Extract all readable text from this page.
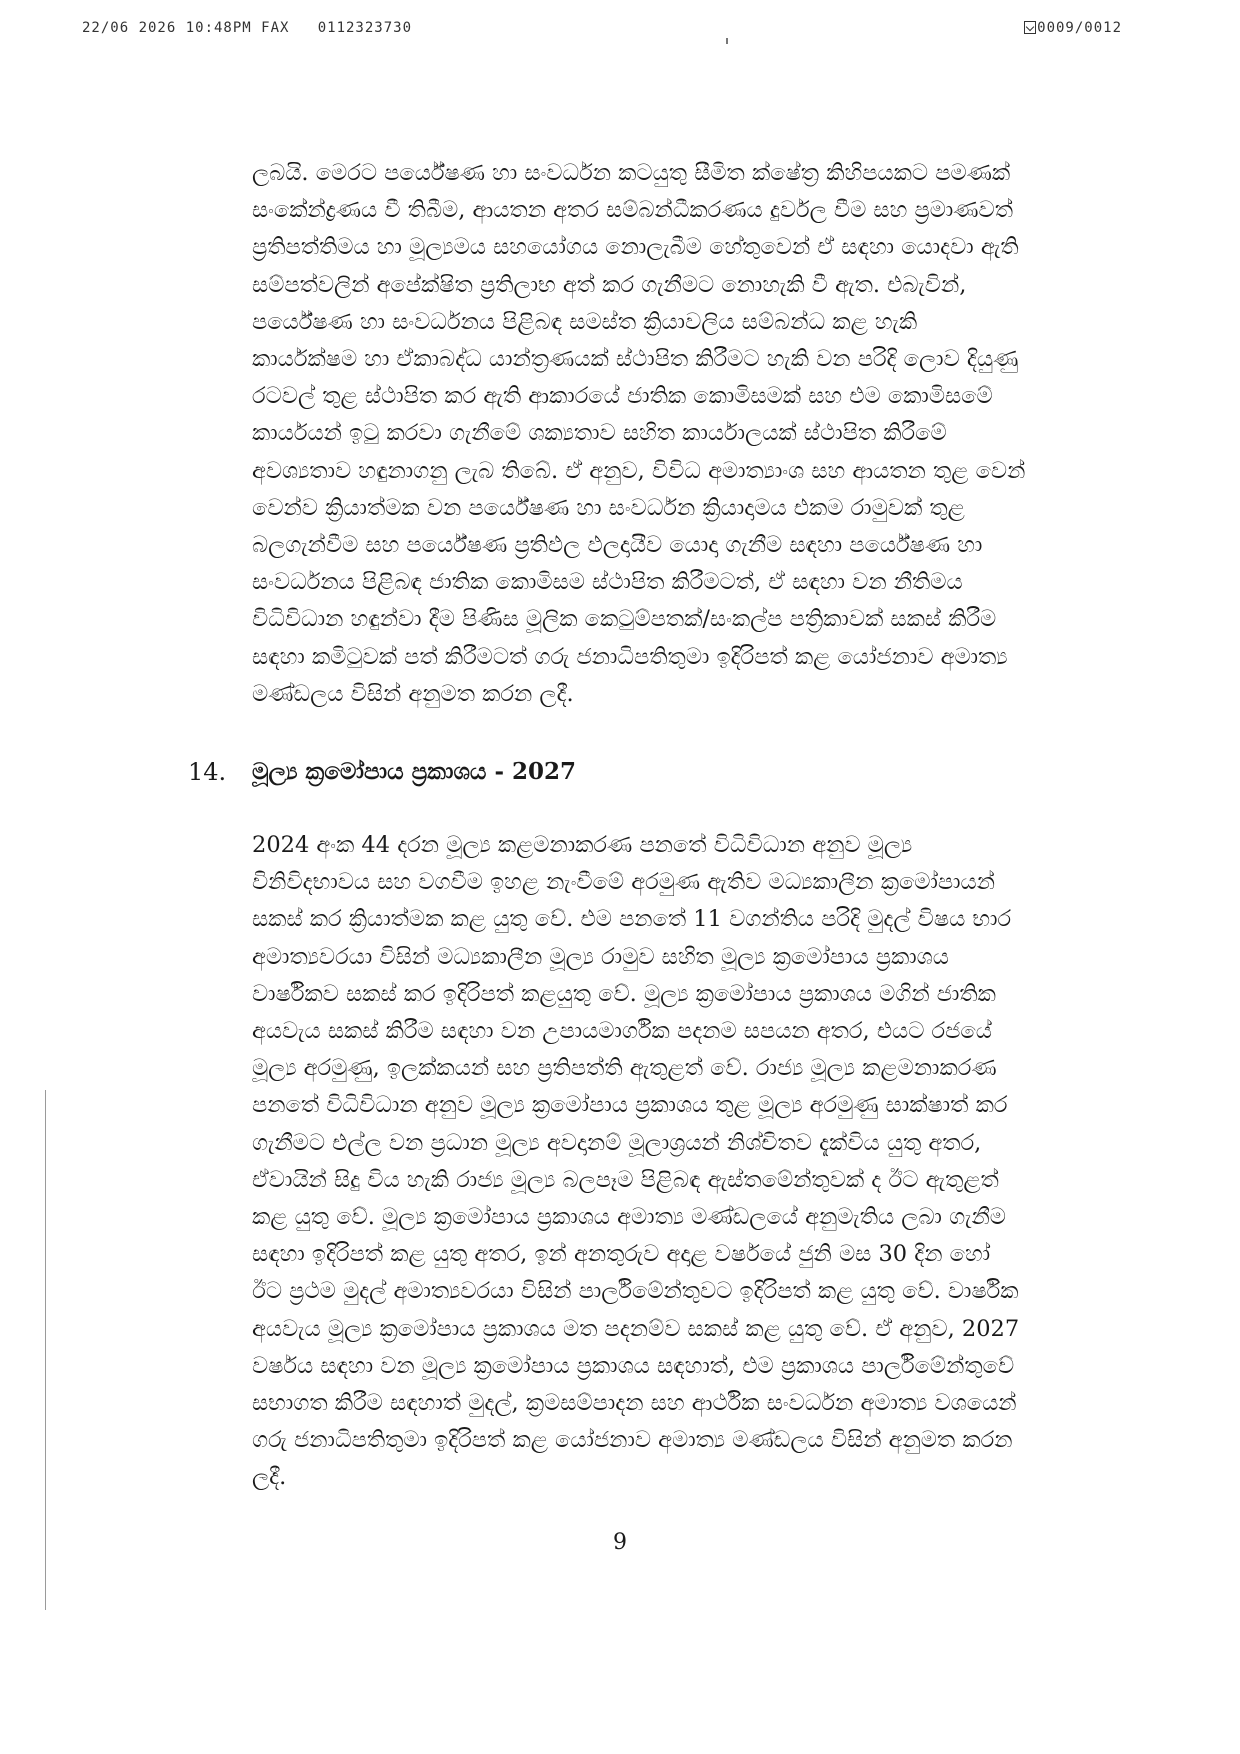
22/06 2026 10:48PM FAX   0112323730	0009/0012
ලබයි. මෙරට පර්යේෂණ හා සංවර්ධන කටයුතු සීමිත ක්ෂේත්‍ර කිහිපයකට පමණක්
සංකේන්ද්‍රණය වී තිබීම, ආයතන අතර සම්බන්ධීකරණය දුර්වල වීම සහ ප්‍රමාණවත්
ප්‍රතිපත්තිමය හා මූල්‍යමය සහයෝගය නොලැබීම හේතුවෙන් ඒ සඳහා යොදවා ඇති
සම්පත්වලින් අපේක්ෂිත ප්‍රතිලාභ අත් කර ගැනීමට නොහැකි වී ඇත. එබැවින්,
පර්යේෂණ හා සංවර්ධනය පිළිබඳ සමස්ත ක්‍රියාවලිය සම්බන්ධ කළ හැකි
කාර්යක්ෂම හා ඒකාබද්ධ යාන්ත්‍රණයක් ස්ථාපිත කිරීමට හැකි වන පරිදි ලොව දියුණු
රටවල් තුළ ස්ථාපිත කර ඇති ආකාරයේ ජාතික කොමිසමක් සහ එම කොමිසමේ
කාර්යයන් ඉටු කරවා ගැනීමේ ශක්‍යතාව සහිත කාර්යාලයක් ස්ථාපිත කිරීමේ
අවශ්‍යතාව හඳුනාගනු ලැබ තිබේ. ඒ අනුව, විවිධ අමාත්‍යාංශ සහ ආයතන තුළ වෙන්
වෙන්ව ක්‍රියාත්මක වන පර්යේෂණ හා සංවර්ධන ක්‍රියාදාමය එකම රාමුවක් තුළ
බලගැන්වීම සහ පර්යේෂණ ප්‍රතිඵල ඵලදායීව යොදා ගැනීම සඳහා පර්යේෂණ හා
සංවර්ධනය පිළිබඳ ජාතික කොමිසම ස්ථාපිත කිරීමටත්, ඒ සඳහා වන නීතිමය
විධිවිධාන හඳුන්වා දීම පිණිස මූලික කෙටුම්පතක්/සංකල්ප පත්‍රිකාවක් සකස් කිරීම
සඳහා කමිටුවක් පත් කිරීමටත් ගරු ජනාධිපතිතුමා ඉදිරිපත් කළ යෝජනාව අමාත්‍ය
මණ්ඩලය විසින් අනුමත කරන ලදී.
14. මූල්‍ය ක්‍රමෝපාය ප්‍රකාශය - 2027
2024 අංක 44 දරන මූල්‍ය කළමනාකරණ පනතේ විධිවිධාන අනුව මූල්‍ය
විනිවිදභාවය සහ වගවීම ඉහළ නැංවීමේ අරමුණ ඇතිව මධ්‍යකාලීන ක්‍රමෝපායන්
සකස් කර ක්‍රියාත්මක කළ යුතු වේ. එම පනතේ 11 වගන්තිය පරිදි මුදල් විෂය භාර
අමාත්‍යවරයා විසින් මධ්‍යකාලීන මූල්‍ය රාමුව සහිත මූල්‍ය ක්‍රමෝපාය ප්‍රකාශය
වාර්ෂිකව සකස් කර ඉදිරිපත් කළයුතු වේ. මූල්‍ය ක්‍රමෝපාය ප්‍රකාශය මගින් ජාතික
අයවැය සකස් කිරීම සඳහා වන උපායමාර්ගික පදනම සපයන අතර, එයට රජයේ
මූල්‍ය අරමුණු, ඉලක්කයන් සහ ප්‍රතිපත්ති ඇතුළත් වේ. රාජ්‍ය මූල්‍ය කළමනාකරණ
පනතේ විධිවිධාන අනුව මූල්‍ය ක්‍රමෝපාය ප්‍රකාශය තුළ මූල්‍ය අරමුණු සාක්ෂාත් කර
ගැනීමට එල්ල වන ප්‍රධාන මූල්‍ය අවදානම් මූලාශ්‍රයන් නිශ්චිතව දැක්විය යුතු අතර,
ඒවායින් සිදු විය හැකි රාජ්‍ය මූල්‍ය බලපෑම පිළිබඳ ඇස්තමේන්තුවක් ද ඊට ඇතුළත්
කළ යුතු වේ. මූල්‍ය ක්‍රමෝපාය ප්‍රකාශය අමාත්‍ය මණ්ඩලයේ අනුමැතිය ලබා ගැනීම
සඳහා ඉදිරිපත් කළ යුතු අතර, ඉන් අනතුරුව අදාළ වර්ෂයේ ජුනි මස 30 දින හෝ
ඊට ප්‍රථම මුදල් අමාත්‍යවරයා විසින් පාර්ලිමේන්තුවට ඉදිරිපත් කළ යුතු වේ. වාර්ෂික
අයවැය මූල්‍ය ක්‍රමෝපාය ප්‍රකාශය මත පදනම්ව සකස් කළ යුතු වේ. ඒ අනුව, 2027
වර්ෂය සඳහා වන මූල්‍ය ක්‍රමෝපාය ප්‍රකාශය සඳහාත්, එම ප්‍රකාශය පාර්ලිමේන්තුවේ
සභාගත කිරීම සඳහාත් මුදල්, ක්‍රමසම්පාදන සහ ආර්ථික සංවර්ධන අමාත්‍ය වශයෙන්
ගරු ජනාධිපතිතුමා ඉදිරිපත් කළ යෝජනාව අමාත්‍ය මණ්ඩලය විසින් අනුමත කරන
ලදී.
9
